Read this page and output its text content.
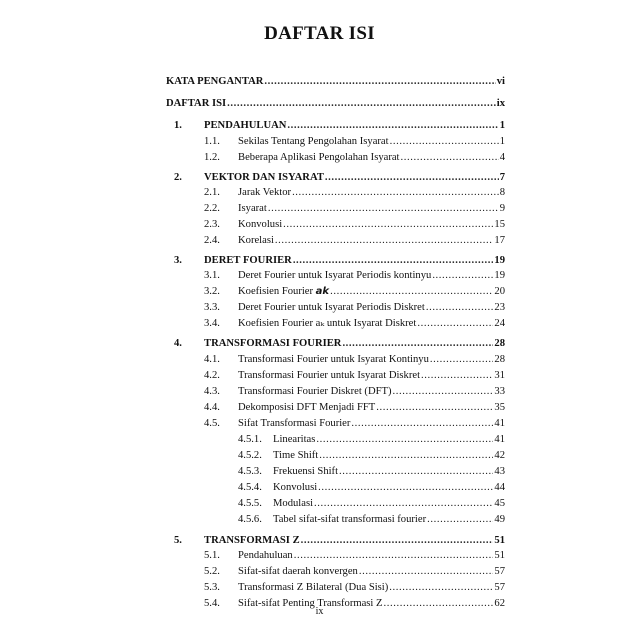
DAFTAR ISI
KATA PENGANTAR .....	vi
DAFTAR ISI .....	ix
1.	PENDAHULUAN .....	1
1.1.	Sekilas Tentang Pengolahan Isyarat .....	1
1.2.	Beberapa Aplikasi Pengolahan Isyarat .....	4
2.	VEKTOR DAN ISYARAT .....	7
2.1.	Jarak Vektor .....	8
2.2.	Isyarat .....	9
2.3.	Konvolusi .....	15
2.4.	Korelasi .....	17
3.	DERET FOURIER .....	19
3.1.	Deret Fourier untuk Isyarat Periodis kontinyu .....	19
3.2.	Koefisien Fourier ak .....	20
3.3.	Deret Fourier untuk Isyarat Periodis Diskret .....	23
3.4.	Koefisien Fourier aₖ untuk Isyarat Diskret .....	24
4.	TRANSFORMASI FOURIER .....	28
4.1.	Transformasi Fourier untuk Isyarat Kontinyu .....	28
4.2.	Transformasi Fourier untuk Isyarat Diskret .....	31
4.3.	Transformasi Fourier Diskret (DFT) .....	33
4.4.	Dekomposisi DFT Menjadi FFT .....	35
4.5.	Sifat Transformasi Fourier .....	41
4.5.1.	Linearitas .....	41
4.5.2.	Time Shift .....	42
4.5.3.	Frekuensi Shift .....	43
4.5.4.	Konvolusi .....	44
4.5.5.	Modulasi .....	45
4.5.6.	Tabel sifat-sifat transformasi fourier .....	49
5.	TRANSFORMASI Z .....	51
5.1.	Pendahuluan .....	51
5.2.	Sifat-sifat daerah konvergen .....	57
5.3.	Transformasi Z Bilateral (Dua Sisi) .....	57
5.4.	Sifat-sifat Penting Transformasi Z .....	62
ix
